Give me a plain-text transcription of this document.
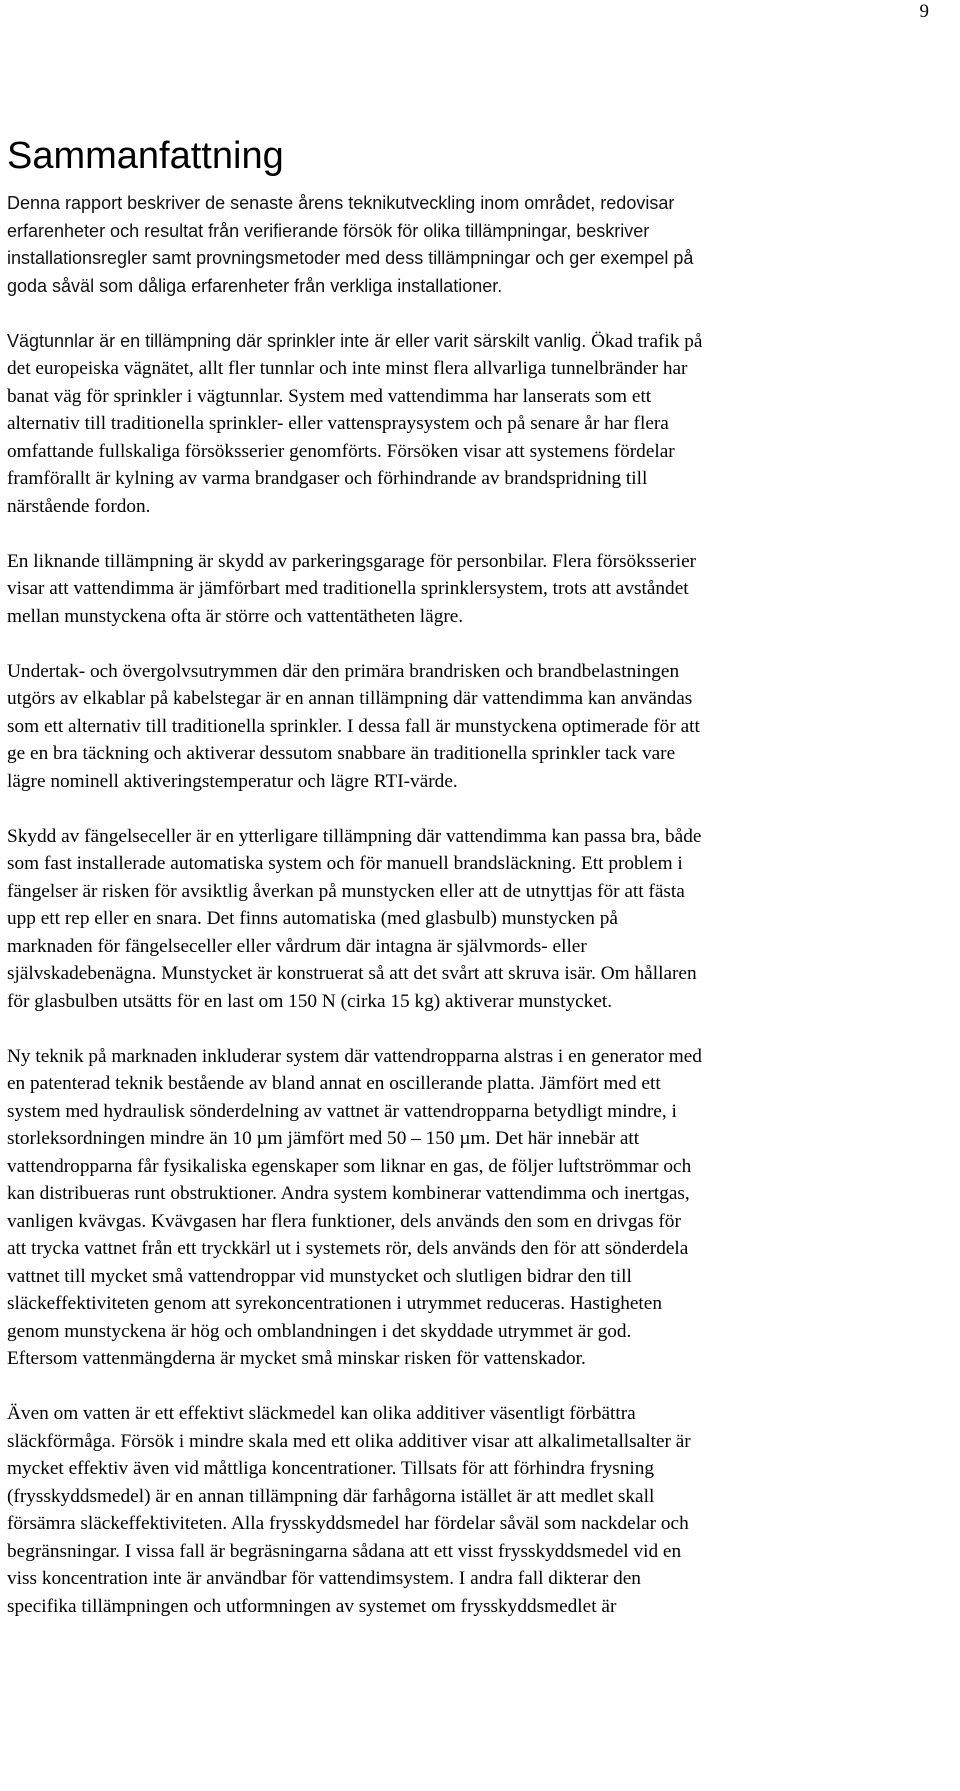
9
Sammanfattning

Denna rapport beskriver de senaste årens teknikutveckling inom området, redovisar
erfarenheter och resultat från verifierande försök för olika tillämpningar, beskriver
installationsregler samt provningsmetoder med dess tillämpningar och ger exempel på
goda såväl som dåliga erfarenheter från verkliga installationer.

Vägtunnlar är en tillämpning där sprinkler inte är eller varit särskilt vanlig. Ökad trafik på
det europeiska vägnätet, allt fler tunnlar och inte minst flera allvarliga tunnelbränder har
banat väg för sprinkler i vägtunnlar. System med vattendimma har lanserats som ett
alternativ till traditionella sprinkler- eller vattenspraysystem och på senare år har flera
omfattande fullskaliga försöksserier genomförts. Försöken visar att systemens fördelar
framförallt är kylning av varma brandgaser och förhindrande av brandspridning till
närstående fordon.

En liknande tillämpning är skydd av parkeringsgarage för personbilar. Flera försöksserier
visar att vattendimma är jämförbart med traditionella sprinklersystem, trots att avståndet
mellan munstyckena ofta är större och vattentätheten lägre.

Undertak- och övergolvsutrymmen där den primära brandrisken och brandbelastningen
utgörs av elkablar på kabelstegar är en annan tillämpning där vattendimma kan användas
som ett alternativ till traditionella sprinkler. I dessa fall är munstyckena optimerade för att
ge en bra täckning och aktiverar dessutom snabbare än traditionella sprinkler tack vare
lägre nominell aktiveringstemperatur och lägre RTI-värde.

Skydd av fängelseceller är en ytterligare tillämpning där vattendimma kan passa bra, både
som fast installerade automatiska system och för manuell brandsläckning. Ett problem i
fängelser är risken för avsiktlig åverkan på munstycken eller att de utnyttjas för att fästa
upp ett rep eller en snara. Det finns automatiska (med glasbulb) munstycken på
marknaden för fängelseceller eller vårdrum där intagna är självmords- eller
självskadebenägna. Munstycket är konstruerat så att det svårt att skruva isär. Om hållaren
för glasbulben utsätts för en last om 150 N (cirka 15 kg) aktiverar munstycket.

Ny teknik på marknaden inkluderar system där vattendropparna alstras i en generator med
en patenterad teknik bestående av bland annat en oscillerande platta. Jämfört med ett
system med hydraulisk sönderdelning av vattnet är vattendropparna betydligt mindre, i
storleksordningen mindre än 10 µm jämfört med 50 – 150 µm. Det här innebär att
vattendropparna får fysikaliska egenskaper som liknar en gas, de följer luftströmmar och
kan distribueras runt obstruktioner. Andra system kombinerar vattendimma och inertgas,
vanligen kvävgas. Kvävgasen har flera funktioner, dels används den som en drivgas för
att trycka vattnet från ett tryckkärl ut i systemets rör, dels används den för att sönderdela
vattnet till mycket små vattendroppar vid munstycket och slutligen bidrar den till
släckeffektiviteten genom att syrekoncentrationen i utrymmet reduceras. Hastigheten
genom munstyckena är hög och omblandningen i det skyddade utrymmet är god.
Eftersom vattenmängderna är mycket små minskar risken för vattenskador.

Även om vatten är ett effektivt släckmedel kan olika additiver väsentligt förbättra
släckförmåga. Försök i mindre skala med ett olika additiver visar att alkalimetallsalter är
mycket effektiv även vid måttliga koncentrationer. Tillsats för att förhindra frysning
(frysskyddsmedel) är en annan tillämpning där farhågorna istället är att medlet skall
försämra släckeffektiviteten. Alla frysskyddsmedel har fördelar såväl som nackdelar och
begränsningar. I vissa fall är begräsningarna sådana att ett visst frysskyddsmedel vid en
viss koncentration inte är användbar för vattendimsystem. I andra fall dikterar den
specifika tillämpningen och utformningen av systemet om frysskyddsmedlet är
